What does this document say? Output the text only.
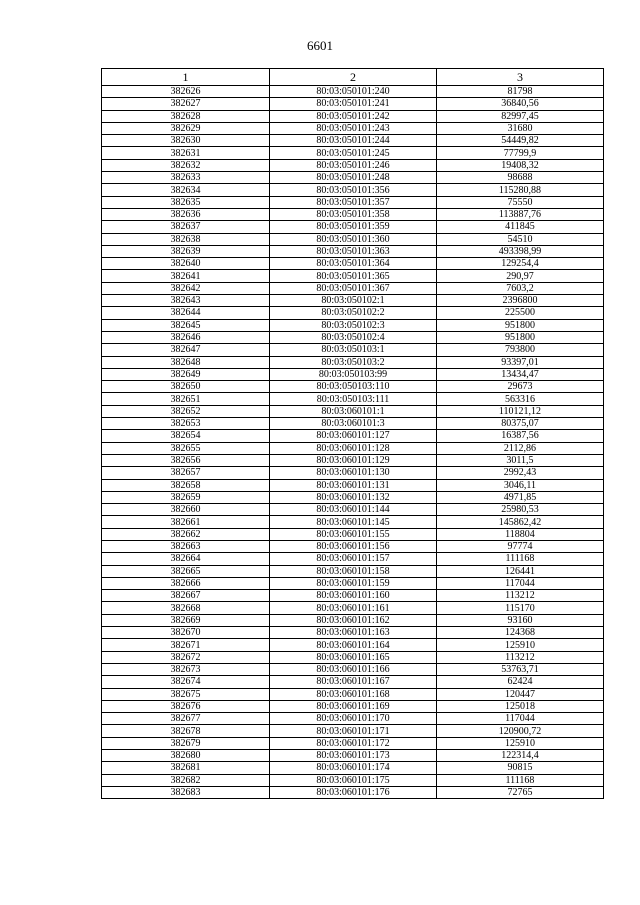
6601
1	2	3
382626	80:03:050101:240	81798
382627	80:03:050101:241	36840,56
382628	80:03:050101:242	82997,45
382629	80:03:050101:243	31680
382630	80:03:050101:244	54449,82
382631	80:03:050101:245	77799,9
382632	80:03:050101:246	19408,32
382633	80:03:050101:248	98688
382634	80:03:050101:356	115280,88
382635	80:03:050101:357	75550
382636	80:03:050101:358	113887,76
382637	80:03:050101:359	411845
382638	80:03:050101:360	54510
382639	80:03:050101:363	493398,99
382640	80:03:050101:364	129254,4
382641	80:03:050101:365	290,97
382642	80:03:050101:367	7603,2
382643	80:03:050102:1	2396800
382644	80:03:050102:2	225500
382645	80:03:050102:3	951800
382646	80:03:050102:4	951800
382647	80:03:050103:1	793800
382648	80:03:050103:2	93397,01
382649	80:03:050103:99	13434,47
382650	80:03:050103:110	29673
382651	80:03:050103:111	563316
382652	80:03:060101:1	110121,12
382653	80:03:060101:3	80375,07
382654	80:03:060101:127	16387,56
382655	80:03:060101:128	2112,86
382656	80:03:060101:129	3011,5
382657	80:03:060101:130	2992,43
382658	80:03:060101:131	3046,11
382659	80:03:060101:132	4971,85
382660	80:03:060101:144	25980,53
382661	80:03:060101:145	145862,42
382662	80:03:060101:155	118804
382663	80:03:060101:156	97774
382664	80:03:060101:157	111168
382665	80:03:060101:158	126441
382666	80:03:060101:159	117044
382667	80:03:060101:160	113212
382668	80:03:060101:161	115170
382669	80:03:060101:162	93160
382670	80:03:060101:163	124368
382671	80:03:060101:164	125910
382672	80:03:060101:165	113212
382673	80:03:060101:166	53763,71
382674	80:03:060101:167	62424
382675	80:03:060101:168	120447
382676	80:03:060101:169	125018
382677	80:03:060101:170	117044
382678	80:03:060101:171	120900,72
382679	80:03:060101:172	125910
382680	80:03:060101:173	122314,4
382681	80:03:060101:174	90815
382682	80:03:060101:175	111168
382683	80:03:060101:176	72765
